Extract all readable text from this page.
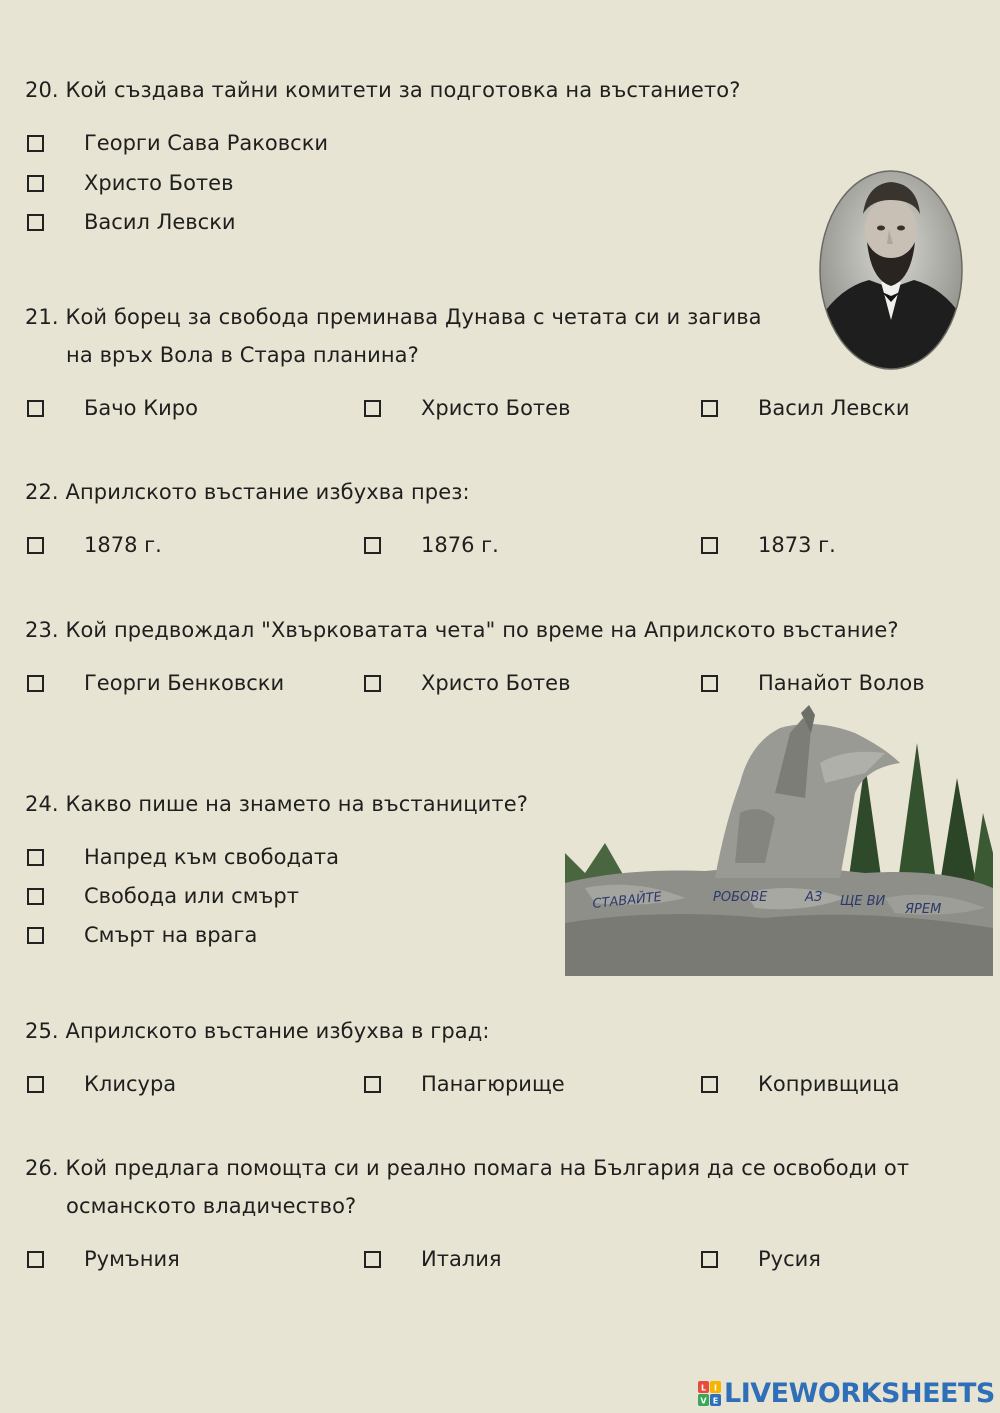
20. Кой създава тайни комитети за подготовка на въстанието?
Георги Сава Раковски
Христо Ботев
Васил Левски
21. Кой борец за свобода преминава Дунава с четата си и загива
на връх Вола в Стара планина?
Бачо Киро	Христо Ботев	Васил Левски
22. Априлското въстание избухва през:
1878 г.	1876 г.	1873 г.
23. Кой предвождал "Хвърковатата чета" по време на Априлското въстание?
Георги Бенковски	Христо Ботев	Панайот Волов
СТАВАЙТЕ	РОБОВЕ	АЗ ЩЕ ВИ
ЯРЕМ
24. Какво пише на знамето на въстаниците?
Напред към свободата
Свобода или смърт
Смърт на врага
25. Априлското въстание избухва в град:
Клисура	Панагюрище	Копривщица
26. Кой предлага помощта си и реално помага на България да се освободи от
османското владичество?
Румъния	Италия	Русия
L I
V E LIVEWORKSHEETS
